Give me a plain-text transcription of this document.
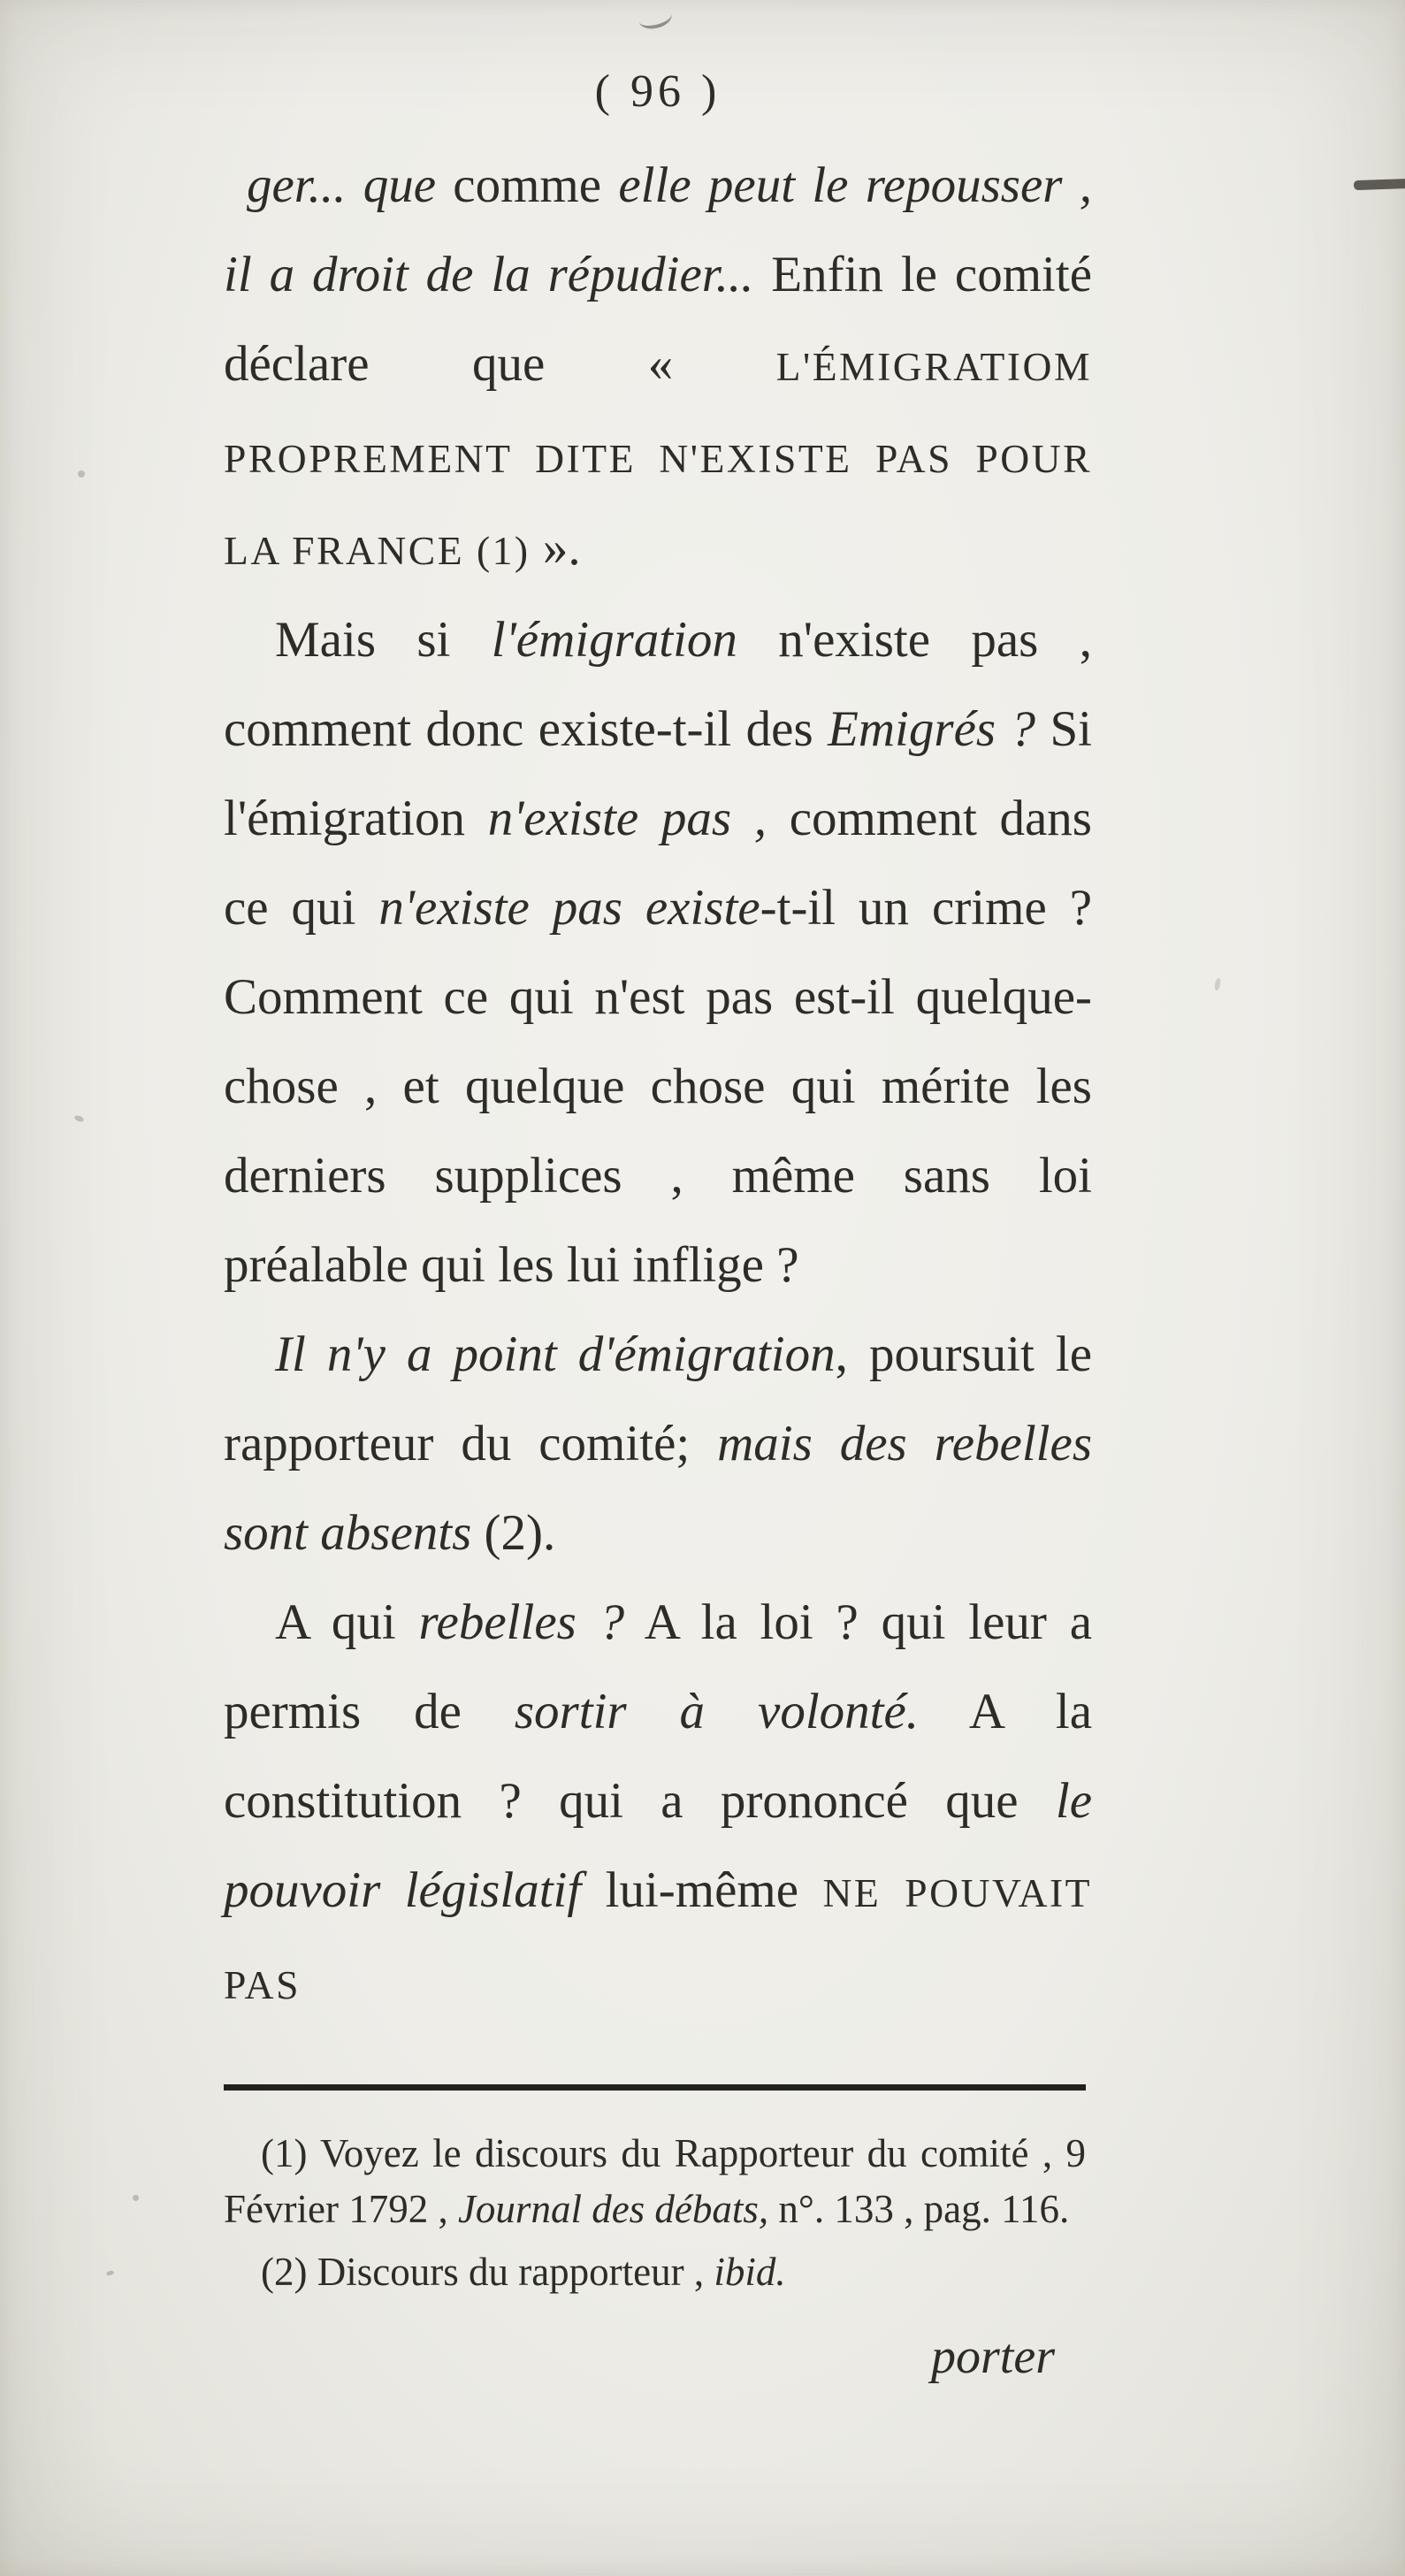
( 96 )

ger... que comme elle peut le repousser , il a droit de la répudier... Enfin le comité déclare que « L'ÉMIGRATIOM PROPREMENT DITE N'EXISTE PAS POUR LA FRANCE (1) ».

Mais si l'émigration n'existe pas , comment donc existe-t-il des Emigrés ? Si l'émigration n'existe pas , comment dans ce qui n'existe pas existe-t-il un crime ? Comment ce qui n'est pas est-il quelque-chose , et quelque chose qui mérite les derniers supplices , même sans loi préalable qui les lui inflige ?

Il n'y a point d'émigration, poursuit le rapporteur du comité; mais des rebelles sont absents (2).

A qui rebelles ? A la loi ? qui leur a permis de sortir à volonté. A la constitution ? qui a prononcé que le pouvoir législatif lui-même NE POUVAIT PAS

(1) Voyez le discours du Rapporteur du comité , 9 Février 1792 , Journal des débats, n°. 133 , pag. 116.

(2) Discours du rapporteur , ibid.

porter
